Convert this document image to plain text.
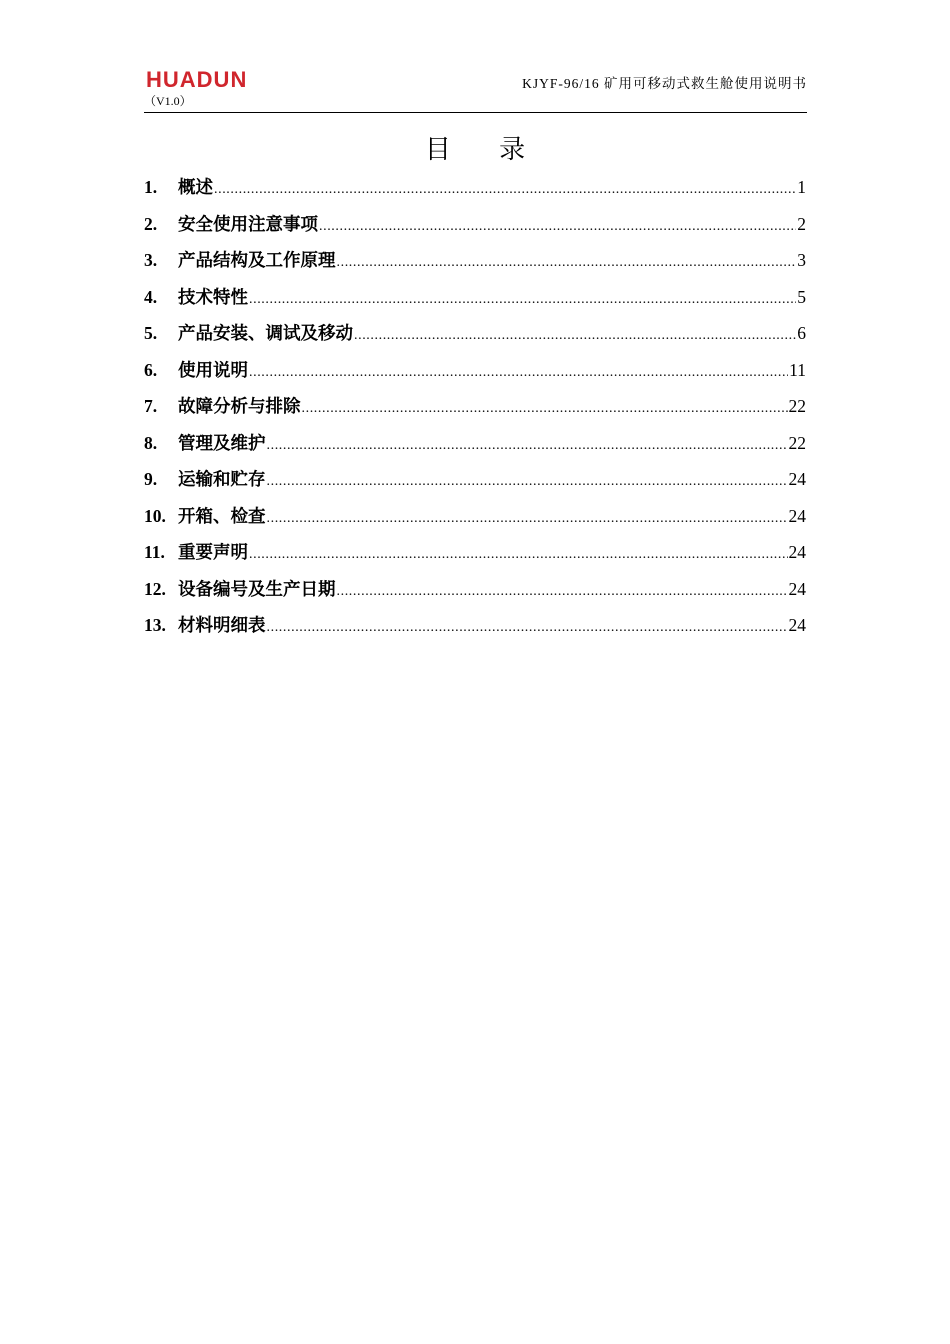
HUADUN
（V1.0）
KJYF-96/16 矿用可移动式救生舱使用说明书
目 录
1.	概述 .....	1
2.	安全使用注意事项 .....	2
3.	产品结构及工作原理 .....	3
4.	技术特性 .....	5
5.	产品安装、调试及移动 .....	6
6.	使用说明 .....	11
7.	故障分析与排除 .....	22
8.	管理及维护 .....	22
9.	运输和贮存 .....	24
10. 开箱、检查 .....	24
11. 重要声明 .....	24
12. 设备编号及生产日期 .....	24
13. 材料明细表 .....	24
